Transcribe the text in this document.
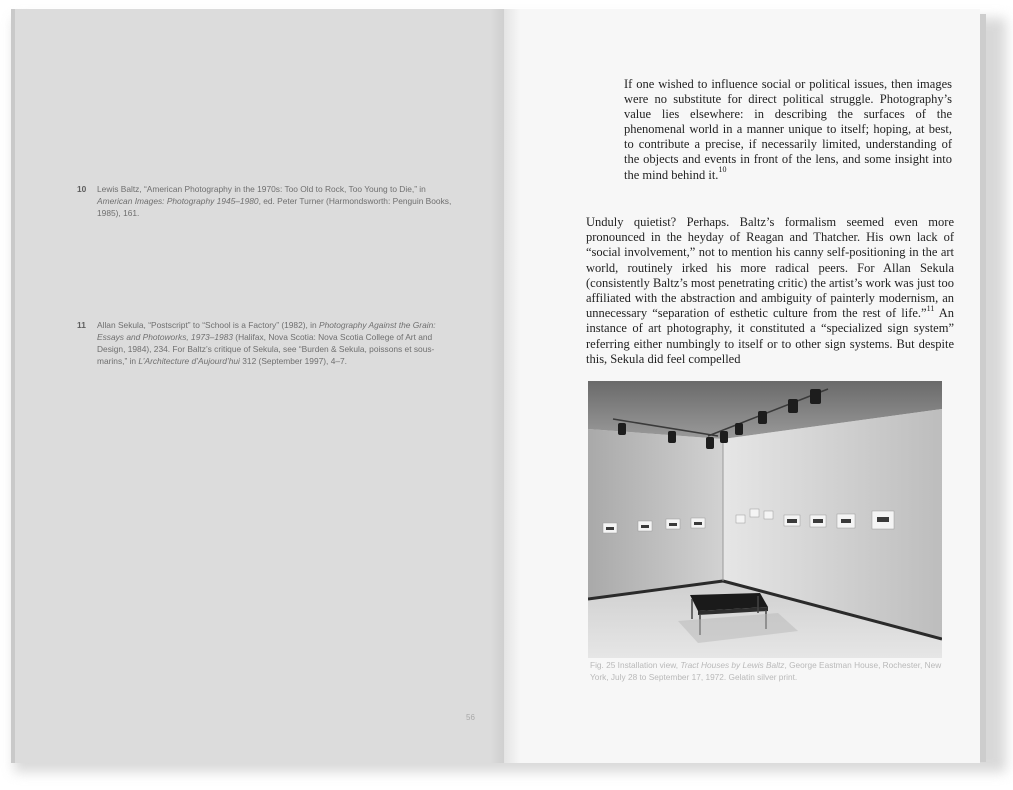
10 Lewis Baltz, “American Photography in the 1970s: Too Old to Rock, Too Young to Die,” in American Images: Photography 1945–1980, ed. Peter Turner (Harmondsworth: Penguin Books, 1985), 161.
11 Allan Sekula, “Postscript” to “School is a Factory” (1982), in Photography Against the Grain: Essays and Photoworks, 1973–1983 (Halifax, Nova Scotia: Nova Scotia College of Art and Design, 1984), 234. For Baltz’s critique of Sekula, see “Burden & Sekula, poissons et sous-marins,” in L’Architecture d’Aujourd’hui 312 (September 1997), 4–7.
56
If one wished to influence social or political issues, then images were no substitute for direct political struggle. Photography’s value lies elsewhere: in describing the surfaces of the phenomenal world in a manner unique to itself; hoping, at best, to contribute a precise, if necessarily limited, understanding of the objects and events in front of the lens, and some insight into the mind behind it.$^{10}$
Unduly quietist? Perhaps. Baltz’s formalism seemed even more pronounced in the heyday of Reagan and Thatcher. His own lack of “social involvement,” not to mention his canny self-positioning in the art world, routinely irked his more radical peers. For Allan Sekula (consistently Baltz’s most penetrating critic) the artist’s work was just too affiliated with the abstraction and ambiguity of painterly modernism, an unnecessary “separation of esthetic culture from the rest of life.”$^{11}$ An instance of art photography, it constituted a “specialized sign system” referring either numbingly to itself or to other sign systems. But despite this, Sekula did feel compelled
Fig. 25 Installation view, Tract Houses by Lewis Baltz, George Eastman House, Rochester, New York, July 28 to September 17, 1972. Gelatin silver print.
